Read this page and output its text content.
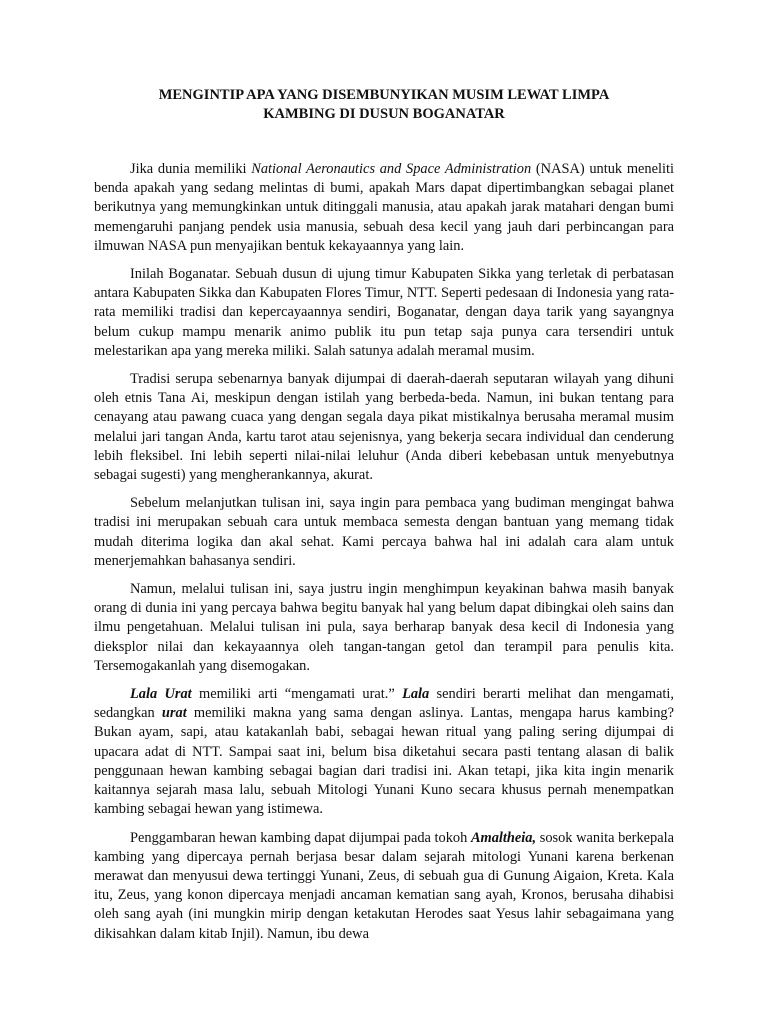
MENGINTIP APA YANG DISEMBUNYIKAN MUSIM LEWAT LIMPA
KAMBING DI DUSUN BOGANATAR

Jika dunia memiliki National Aeronautics and Space Administration (NASA) untuk meneliti benda apakah yang sedang melintas di bumi, apakah Mars dapat dipertimbangkan sebagai planet berikutnya yang memungkinkan untuk ditinggali manusia, atau apakah jarak matahari dengan bumi memengaruhi panjang pendek usia manusia, sebuah desa kecil yang jauh dari perbincangan para ilmuwan NASA pun menyajikan bentuk kekayaannya yang lain.

Inilah Boganatar. Sebuah dusun di ujung timur Kabupaten Sikka yang terletak di perbatasan antara Kabupaten Sikka dan Kabupaten Flores Timur, NTT. Seperti pedesaan di Indonesia yang rata-rata memiliki tradisi dan kepercayaannya sendiri, Boganatar, dengan daya tarik yang sayangnya belum cukup mampu menarik animo publik itu pun tetap saja punya cara tersendiri untuk melestarikan apa yang mereka miliki. Salah satunya adalah meramal musim.

Tradisi serupa sebenarnya banyak dijumpai di daerah-daerah seputaran wilayah yang dihuni oleh etnis Tana Ai, meskipun dengan istilah yang berbeda-beda. Namun, ini bukan tentang para cenayang atau pawang cuaca yang dengan segala daya pikat mistikalnya berusaha meramal musim melalui jari tangan Anda, kartu tarot atau sejenisnya, yang bekerja secara individual dan cenderung lebih fleksibel. Ini lebih seperti nilai-nilai leluhur (Anda diberi kebebasan untuk menyebutnya sebagai sugesti) yang mengherankannya, akurat.

Sebelum melanjutkan tulisan ini, saya ingin para pembaca yang budiman mengingat bahwa tradisi ini merupakan sebuah cara untuk membaca semesta dengan bantuan yang memang tidak mudah diterima logika dan akal sehat. Kami percaya bahwa hal ini adalah cara alam untuk menerjemahkan bahasanya sendiri.

Namun, melalui tulisan ini, saya justru ingin menghimpun keyakinan bahwa masih banyak orang di dunia ini yang percaya bahwa begitu banyak hal yang belum dapat dibingkai oleh sains dan ilmu pengetahuan. Melalui tulisan ini pula, saya berharap banyak desa kecil di Indonesia yang dieksplor nilai dan kekayaannya oleh tangan-tangan getol dan terampil para penulis kita. Tersemogakanlah yang disemogakan.

Lala Urat memiliki arti “mengamati urat.” Lala sendiri berarti melihat dan mengamati, sedangkan urat memiliki makna yang sama dengan aslinya. Lantas, mengapa harus kambing? Bukan ayam, sapi, atau katakanlah babi, sebagai hewan ritual yang paling sering dijumpai di upacara adat di NTT. Sampai saat ini, belum bisa diketahui secara pasti tentang alasan di balik penggunaan hewan kambing sebagai bagian dari tradisi ini. Akan tetapi, jika kita ingin menarik kaitannya sejarah masa lalu, sebuah Mitologi Yunani Kuno secara khusus pernah menempatkan kambing sebagai hewan yang istimewa.

Penggambaran hewan kambing dapat dijumpai pada tokoh Amaltheia, sosok wanita berkepala kambing yang dipercaya pernah berjasa besar dalam sejarah mitologi Yunani karena berkenan merawat dan menyusui dewa tertinggi Yunani, Zeus, di sebuah gua di Gunung Aigaion, Kreta. Kala itu, Zeus, yang konon dipercaya menjadi ancaman kematian sang ayah, Kronos, berusaha dihabisi oleh sang ayah (ini mungkin mirip dengan ketakutan Herodes saat Yesus lahir sebagaimana yang dikisahkan dalam kitab Injil). Namun, ibu dewa
